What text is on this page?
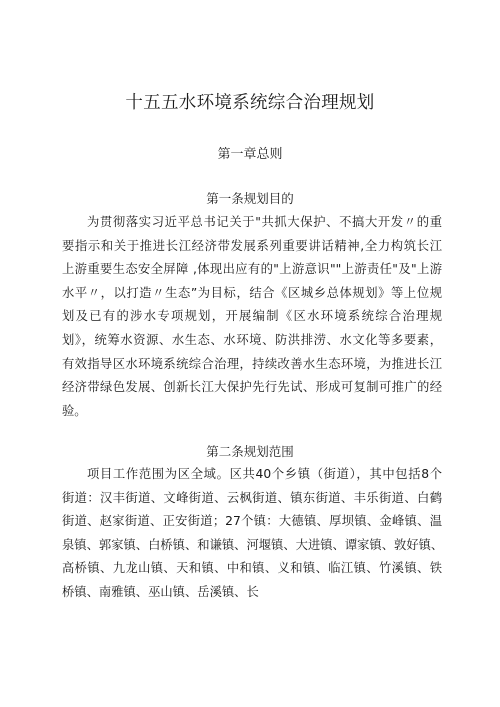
十五五水环境系统综合治理规划
第一章总则
第一条规划目的
为贯彻落实习近平总书记关于"共抓大保护、不搞大开发〃的重
要指示和关于推进长江经济带发展系列重要讲话精神,全力构筑长江
上游重要生态安全屏障 ,体现出应有的"上游意识""上游责任"及"上游
水平〃，以打造〃生态”为目标，结合《区城乡总体规划》等上位规
划及已有的涉水专项规划，开展编制《区水环境系统综合治理规
划》，统筹水资源、水生态、水环境、防洪排涝、水文化等多要素，
有效指导区水环境系统综合治理，持续改善水生态环境，为推进长江
经济带绿色发展、创新长江大保护先行先试、形成可复制可推广的经
验。
第二条规划范围
项目工作范围为区全域。区共40个乡镇（街道），其中包括8个
街道：汉丰街道、文峰街道、云枫街道、镇东街道、丰乐街道、白鹤
街道、赵家街道、正安街道；27个镇：大德镇、厚坝镇、金峰镇、温
泉镇、郭家镇、白桥镇、和谦镇、河堰镇、大进镇、谭家镇、敦好镇、
高桥镇、九龙山镇、天和镇、中和镇、义和镇、临江镇、竹溪镇、铁
桥镇、南雅镇、巫山镇、岳溪镇、长
